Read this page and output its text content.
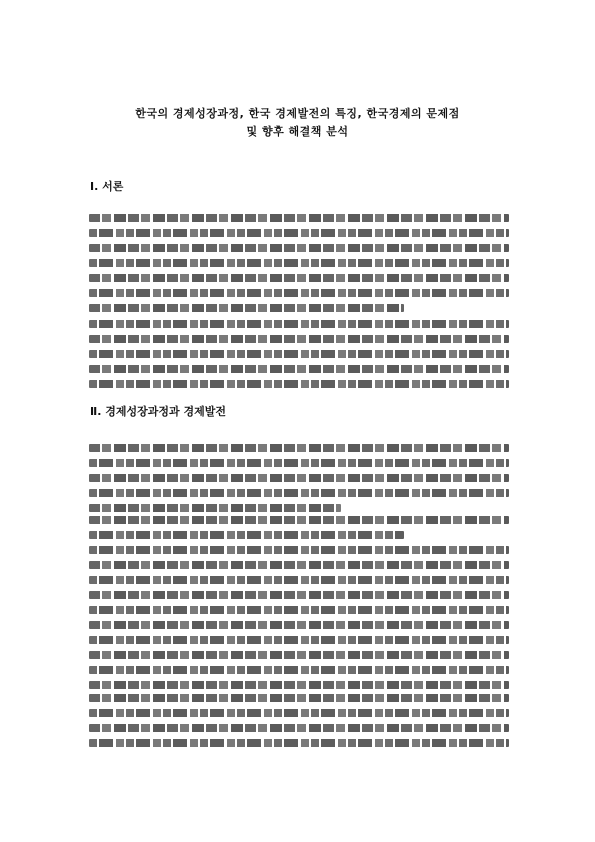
한국의 경제성장과정, 한국 경제발전의 특징, 한국경제의 문제점
및 향후 해결책 분석
Ⅰ. 서론
Ⅱ. 경제성장과정과 경제발전
